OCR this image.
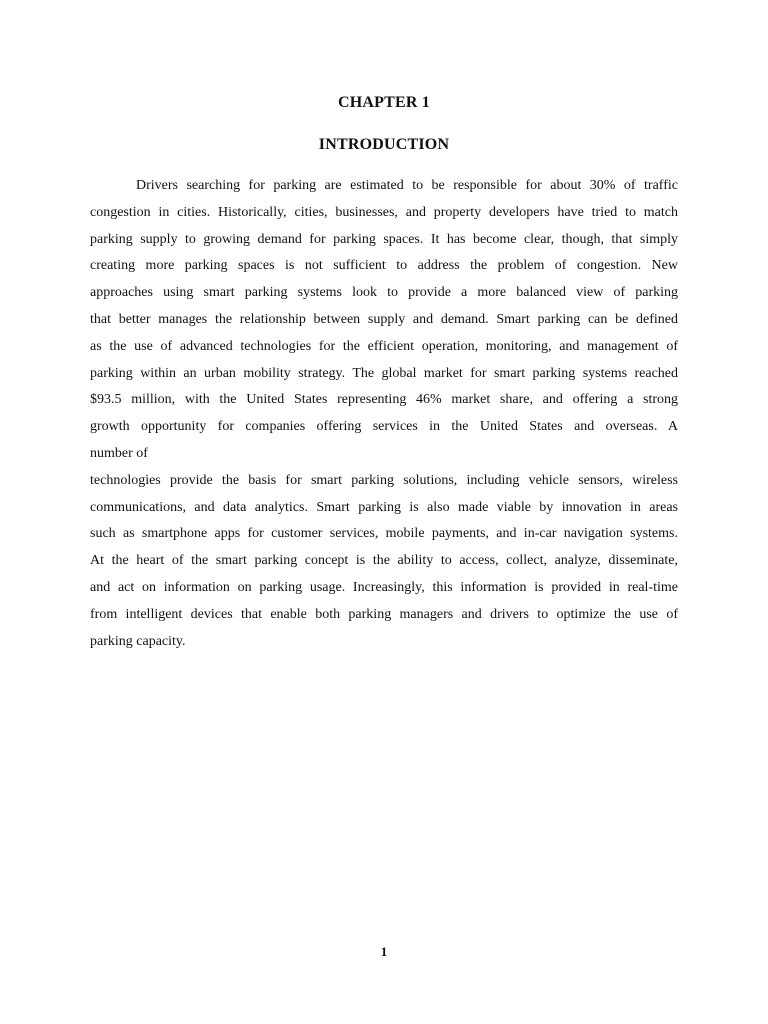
CHAPTER 1
INTRODUCTION
Drivers searching for parking are estimated to be responsible for about 30% of traffic
congestion in cities. Historically, cities, businesses, and property developers have tried to match
parking supply to growing demand for parking spaces. It has become clear, though, that simply
creating more parking spaces is not sufficient to address the problem of congestion. New
approaches using smart parking systems look to provide a more balanced view of parking
that better manages the relationship between supply and demand. Smart parking can be defined
as the use of advanced technologies for the efficient operation, monitoring, and management of
parking within an urban mobility strategy. The global market for smart parking systems reached
$93.5 million, with the United States representing 46% market share, and offering a strong
growth opportunity for companies offering services in the United States and overseas. A
number of
technologies provide the basis for smart parking solutions, including vehicle sensors, wireless
communications, and data analytics. Smart parking is also made viable by innovation in areas
such as smartphone apps for customer services, mobile payments, and in-car navigation systems.
At the heart of the smart parking concept is the ability to access, collect, analyze, disseminate,
and act on information on parking usage. Increasingly, this information is provided in real-time
from intelligent devices that enable both parking managers and drivers to optimize the use of
parking capacity.
1
